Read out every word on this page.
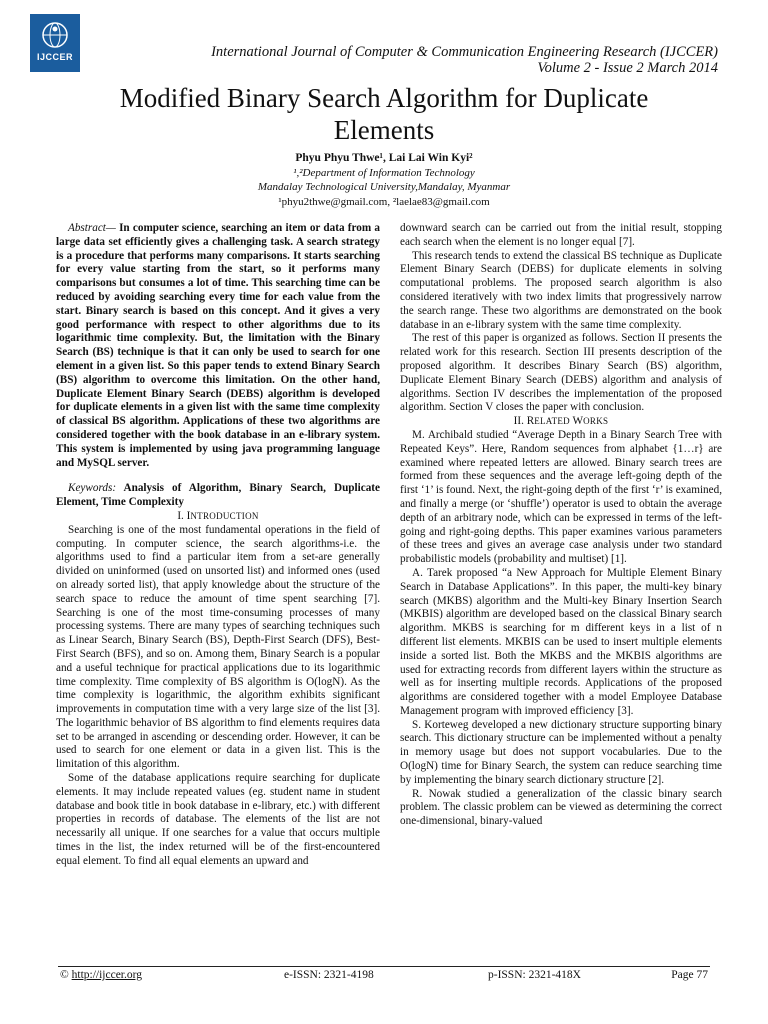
IJCCER	International Journal of Computer & Communication Engineering Research (IJCCER)
Volume 2 - Issue 2 March 2014
Modified Binary Search Algorithm for Duplicate
Elements
Phyu Phyu Thwe¹, Lai Lai Win Kyi²
¹,²Department of Information Technology
Mandalay Technological University,Mandalay, Myanmar
¹phyu2thwe@gmail.com, ²laelae83@gmail.com

Abstract— In computer science, searching an item or data from a large data set efficiently gives a challenging task. A search strategy is a procedure that performs many comparisons. It starts searching for every value starting from the start, so it performs many comparisons but consumes a lot of time. This searching time can be reduced by avoiding searching every time for each value from the start. Binary search is based on this concept. And it gives a very good performance with respect to other algorithms due to its logarithmic time complexity. But, the limitation with the Binary Search (BS) technique is that it can only be used to search for one element in a given list. So this paper tends to extend Binary Search (BS) algorithm to overcome this limitation. On the other hand, Duplicate Element Binary Search (DEBS) algorithm is developed for duplicate elements in a given list with the same time complexity of classical BS algorithm. Applications of these two algorithms are considered together with the book database in an e-library system. This system is implemented by using java programming language and MySQL server.

Keywords: Analysis of Algorithm, Binary Search, Duplicate Element, Time Complexity

I. INTRODUCTION

Searching is one of the most fundamental operations in the field of computing. In computer science, the search algorithms-i.e. the algorithms used to find a particular item from a set-are generally divided on uninformed (used on unsorted list) and informed ones (used on already sorted list), that apply knowledge about the structure of the search space to reduce the amount of time spent searching [7]. Searching is one of the most time-consuming processes of many processing systems. There are many types of searching techniques such as Linear Search, Binary Search (BS), Depth-First Search (DFS), Best-First Search (BFS), and so on. Among them, Binary Search is a popular and a useful technique for practical applications due to its logarithmic time complexity. Time complexity of BS algorithm is O(logN). As the time complexity is logarithmic, the algorithm exhibits significant improvements in computation time with a very large size of the list [3]. The logarithmic behavior of BS algorithm to find elements requires data set to be arranged in ascending or descending order. However, it can be used to search for one element or data in a given list. This is the limitation of this algorithm.

Some of the database applications require searching for duplicate elements. It may include repeated values (eg. student name in student database and book title in book database in e-library, etc.) with different properties in records of database. The elements of the list are not necessarily all unique. If one searches for a value that occurs multiple times in the list, the index returned will be of the first-encountered equal element. To find all equal elements an upward and

downward search can be carried out from the initial result, stopping each search when the element is no longer equal [7].

This research tends to extend the classical BS technique as Duplicate Element Binary Search (DEBS) for duplicate elements in solving computational problems. The proposed search algorithm is also considered iteratively with two index limits that progressively narrow the search range. These two algorithms are demonstrated on the book database in an e-library system with the same time complexity.

The rest of this paper is organized as follows. Section II presents the related work for this research. Section III presents description of the proposed algorithm. It describes Binary Search (BS) algorithm, Duplicate Element Binary Search (DEBS) algorithm and analysis of algorithms. Section IV describes the implementation of the proposed algorithm. Section V closes the paper with conclusion.

II. RELATED WORKS

M. Archibald studied “Average Depth in a Binary Search Tree with Repeated Keys”. Here, Random sequences from alphabet {1…r} are examined where repeated letters are allowed. Binary search trees are formed from these sequences and the average left-going depth of the first ‘1’ is found. Next, the right-going depth of the first ‘r’ is examined, and finally a merge (or ‘shuffle’) operator is used to obtain the average depth of an arbitrary node, which can be expressed in terms of the left-going and right-going depths. This paper examines various parameters of these trees and gives an average case analysis under two standard probabilistic models (probability and multiset) [1].

A. Tarek proposed “a New Approach for Multiple Element Binary Search in Database Applications”. In this paper, the multi-key binary search (MKBS) algorithm and the Multi-key Binary Insertion Search (MKBIS) algorithm are developed based on the classical Binary search algorithm. MKBS is searching for m different keys in a list of n different list elements. MKBIS can be used to insert multiple elements inside a sorted list. Both the MKBS and the MKBIS algorithms are used for extracting records from different layers within the structure as well as for inserting multiple records. Applications of the proposed algorithms are considered together with a model Employee Database Management program with improved efficiency [3].

S. Korteweg developed a new dictionary structure supporting binary search. This dictionary structure can be implemented without a penalty in memory usage but does not support vocabularies. Due to the O(logN) time for Binary Search, the system can reduce searching time by implementing the binary search dictionary structure [2].

R. Nowak studied a generalization of the classic binary search problem. The classic problem can be viewed as determining the correct one-dimensional, binary-valued

© http://ijccer.org	e-ISSN: 2321-4198	p-ISSN: 2321-418X	Page 77
